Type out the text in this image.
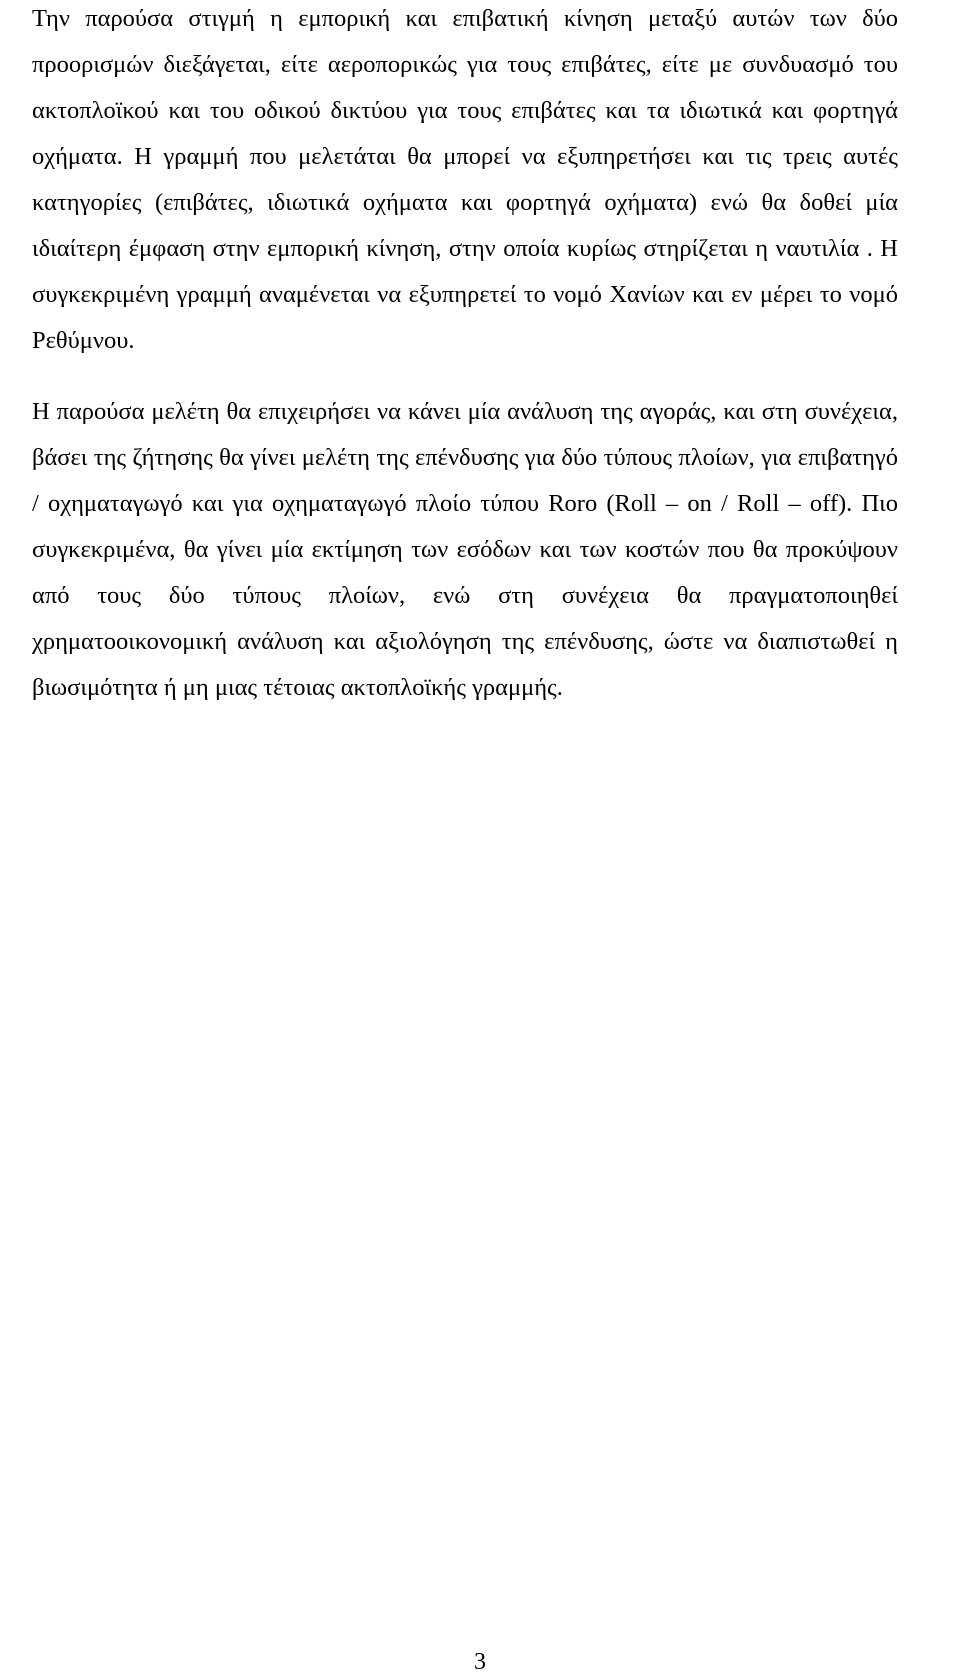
Την παρούσα στιγμή η εμπορική και επιβατική κίνηση μεταξύ αυτών των δύο προορισμών διεξάγεται, είτε αεροπορικώς για τους επιβάτες, είτε με συνδυασμό του ακτοπλοϊκού και του οδικού δικτύου για τους επιβάτες και τα ιδιωτικά και φορτηγά οχήματα. Η γραμμή που μελετάται θα μπορεί να εξυπηρετήσει και τις τρεις αυτές κατηγορίες (επιβάτες, ιδιωτικά οχήματα και φορτηγά οχήματα) ενώ θα δοθεί μία ιδιαίτερη έμφαση στην εμπορική κίνηση, στην οποία κυρίως στηρίζεται η ναυτιλία . Η συγκεκριμένη γραμμή αναμένεται να εξυπηρετεί το νομό Χανίων και εν μέρει το νομό Ρεθύμνου.

Η παρούσα μελέτη θα επιχειρήσει να κάνει μία ανάλυση της αγοράς, και στη συνέχεια, βάσει της ζήτησης θα γίνει μελέτη της επένδυσης για δύο τύπους πλοίων, για επιβατηγό / οχηματαγωγό και για οχηματαγωγό πλοίο τύπου Roro (Roll – on / Roll – off). Πιο συγκεκριμένα, θα γίνει μία εκτίμηση των εσόδων και των κοστών που θα προκύψουν από τους δύο τύπους πλοίων, ενώ στη συνέχεια θα πραγματοποιηθεί χρηματοοικονομική ανάλυση και αξιολόγηση της επένδυσης, ώστε να διαπιστωθεί η βιωσιμότητα ή μη μιας τέτοιας ακτοπλοϊκής γραμμής.

3
